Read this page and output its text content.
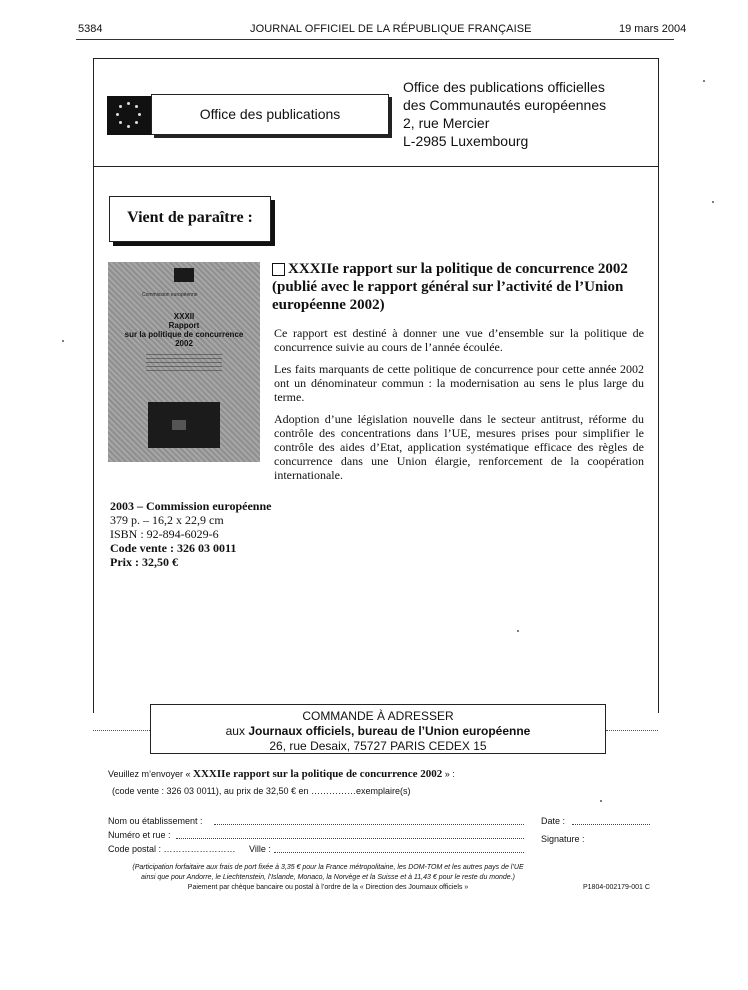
5384	JOURNAL OFFICIEL DE LA RÉPUBLIQUE FRANÇAISE	19 mars 2004
Office des publications
Office des publications officielles
des Communautés européennes
2, rue Mercier
L-2985 Luxembourg
Vient de paraître :
…
Commission européenne
XXXII
Rapport
sur la politique de concurrence
2002
2003 – Commission européenne
379 p. – 16,2 x 22,9 cm
ISBN : 92-894-6029-6
Code vente : 326 03 0011
Prix : 32,50 €
XXXIIe rapport sur la politique de concurrence 2002
(publié avec le rapport général sur l’activité de l’Union européenne 2002)

Ce rapport est destiné à donner une vue d’ensemble sur la politique de concurrence suivie au cours de l’année écoulée.

Les faits marquants de cette politique de concurrence pour cette année 2002 ont un dénominateur commun : la modernisation au sens le plus large du terme.

Adoption d’une législation nouvelle dans le secteur antitrust, réforme du contrôle des concentrations dans l’UE, mesures prises pour simplifier le contrôle des aides d’Etat, application systématique efficace des règles de concurrence dans une Union élargie, renforcement de la coopération internationale.

COMMANDE À ADRESSER
aux Journaux officiels, bureau de l’Union européenne
26, rue Desaix, 75727 PARIS CEDEX 15
Veuillez m’envoyer « XXXIIe rapport sur la politique de concurrence 2002 » :
(code vente : 326 03 0011), au prix de 32,50 € en ……………exemplaire(s)
Nom ou établissement :
Numéro et rue :
Code postal : …………………… Ville :
Date :
Signature :
(Participation forfaitaire aux frais de port fixée à 3,35 € pour la France métropolitaine, les DOM-TOM et les autres pays de l’UE
ainsi que pour Andorre, le Liechtenstein, l’Islande, Monaco, la Norvège et la Suisse et à 11,43 € pour le reste du monde.)
Paiement par chèque bancaire ou postal à l’ordre de la « Direction des Journaux officiels »	P1804-002179-001 C
